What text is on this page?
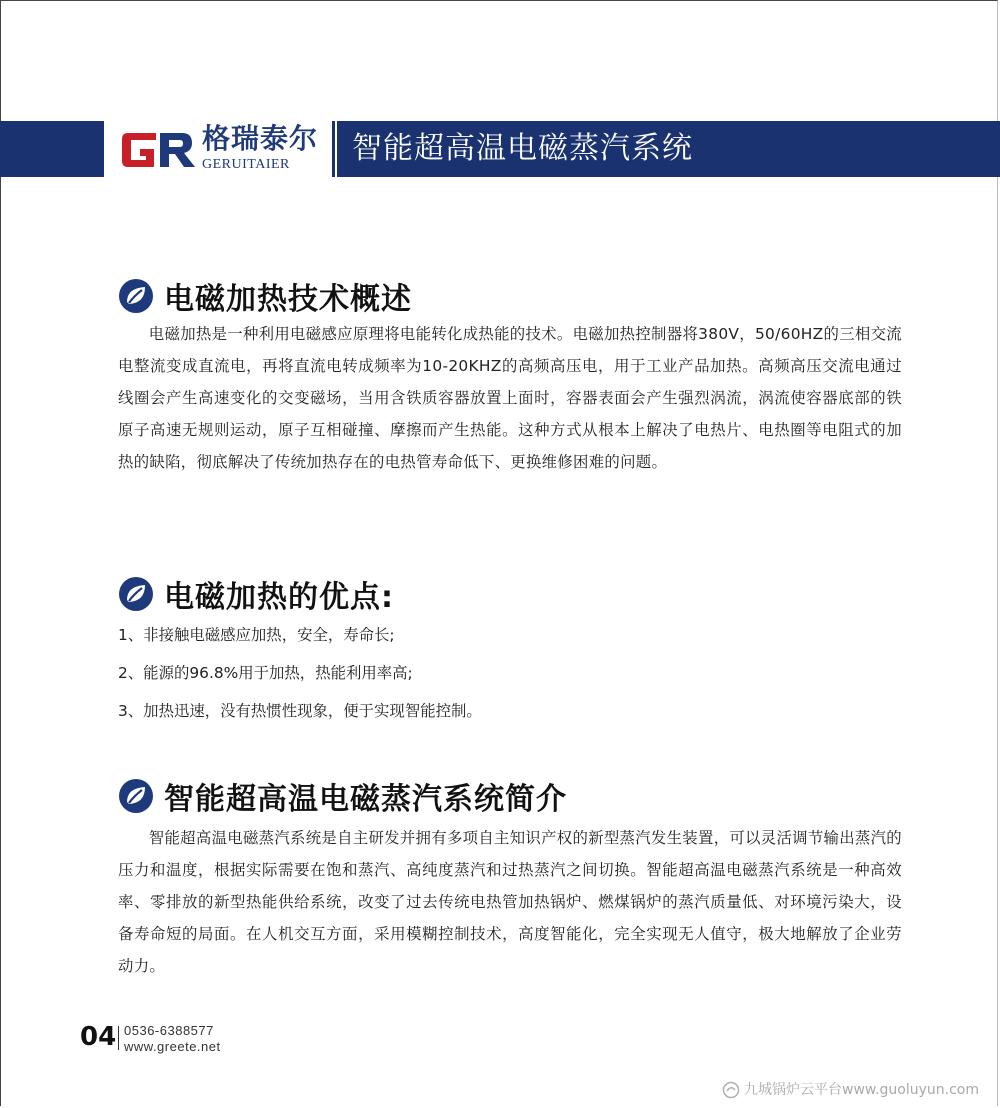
格瑞泰尔
GERUITAIER 智能超高温电磁蒸汽系统
电磁加热技术概述

电磁加热是一种利用电磁感应原理将电能转化成热能的技术。电磁加热控制器将380V，50/60HZ的三相交流电整流变成直流电，再将直流电转成频率为10-20KHZ的高频高压电，用于工业产品加热。高频高压交流电通过线圈会产生高速变化的交变磁场，当用含铁质容器放置上面时，容器表面会产生强烈涡流，涡流使容器底部的铁原子高速无规则运动，原子互相碰撞、摩擦而产生热能。这种方式从根本上解决了电热片、电热圈等电阻式的加热的缺陷，彻底解决了传统加热存在的电热管寿命低下、更换维修困难的问题。

电磁加热的优点:
1、非接触电磁感应加热，安全，寿命长;
2、能源的96.8%用于加热，热能利用率高;
3、加热迅速，没有热惯性现象，便于实现智能控制。
智能超高温电磁蒸汽系统简介

智能超高温电磁蒸汽系统是自主研发并拥有多项自主知识产权的新型蒸汽发生装置，可以灵活调节输出蒸汽的压力和温度，根据实际需要在饱和蒸汽、高纯度蒸汽和过热蒸汽之间切换。智能超高温电磁蒸汽系统是一种高效率、零排放的新型热能供给系统，改变了过去传统电热管加热锅炉、燃煤锅炉的蒸汽质量低、对环境污染大，设备寿命短的局面。在人机交互方面，采用模糊控制技术，高度智能化，完全实现无人值守，极大地解放了企业劳动力。

04 0536-6388577
www.greete.net
九城锅炉云平台www.guoluyun.com
